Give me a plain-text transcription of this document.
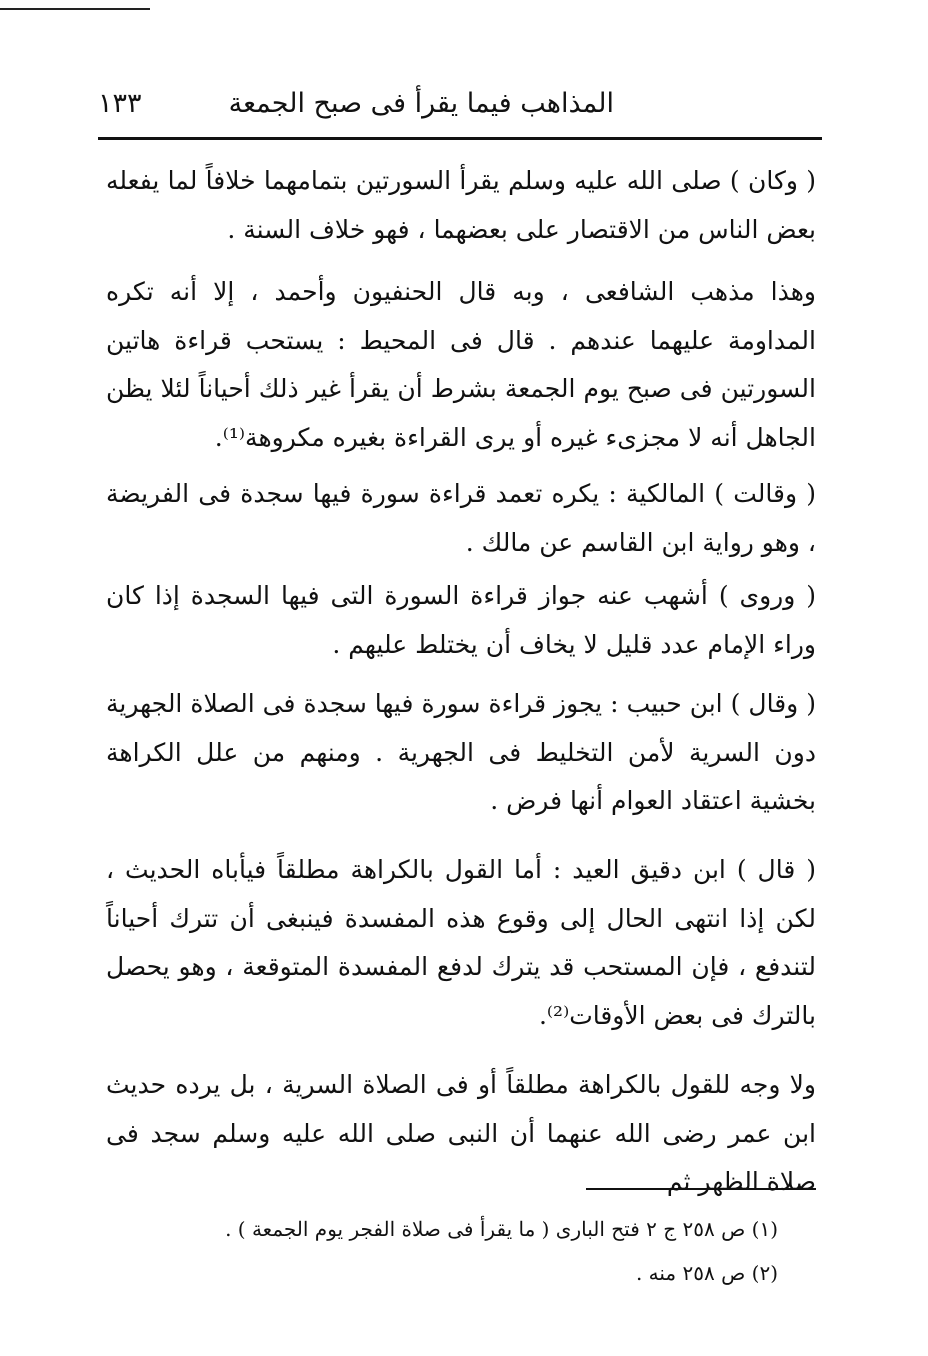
المذاهب فيما يقرأ فى صبح الجمعة
١٣٣

( وكان ) صلى الله عليه وسلم يقرأ السورتين بتمامهما خلافاً لما يفعله بعض الناس من الاقتصار على بعضهما ، فهو خلاف السنة .

وهذا مذهب الشافعى ، وبه قال الحنفيون وأحمد ، إلا أنه تكره المداومة عليهما عندهم . قال فى المحيط : يستحب قراءة هاتين السورتين فى صبح يوم الجمعة بشرط أن يقرأ غير ذلك أحياناً لئلا يظن الجاهل أنه لا مجزىء غيره أو يرى القراءة بغيره مكروهة⁽¹⁾.

( وقالت ) المالكية : يكره تعمد قراءة سورة فيها سجدة فى الفريضة ، وهو رواية ابن القاسم عن مالك .

( وروى ) أشهب عنه جواز قراءة السورة التى فيها السجدة إذا كان وراء الإمام عدد قليل لا يخاف أن يختلط عليهم .

( وقال ) ابن حبيب : يجوز قراءة سورة فيها سجدة فى الصلاة الجهرية دون السرية لأمن التخليط فى الجهرية . ومنهم من علل الكراهة بخشية اعتقاد العوام أنها فرض .

( قال ) ابن دقيق العيد : أما القول بالكراهة مطلقاً فيأباه الحديث ، لكن إذا انتهى الحال إلى وقوع هذه المفسدة فينبغى أن تترك أحياناً لتندفع ، فإن المستحب قد يترك لدفع المفسدة المتوقعة ، وهو يحصل بالترك فى بعض الأوقات⁽²⁾.

ولا وجه للقول بالكراهة مطلقاً أو فى الصلاة السرية ، بل يرده حديث ابن عمر رضى الله عنهما أن النبى صلى الله عليه وسلم سجد فى صلاة الظهر ثم

(١) ص ٢٥٨ ج ٢ فتح البارى ( ما يقرأ فى صلاة الفجر يوم الجمعة ) .
(٢) ص ٢٥٨ منه .
